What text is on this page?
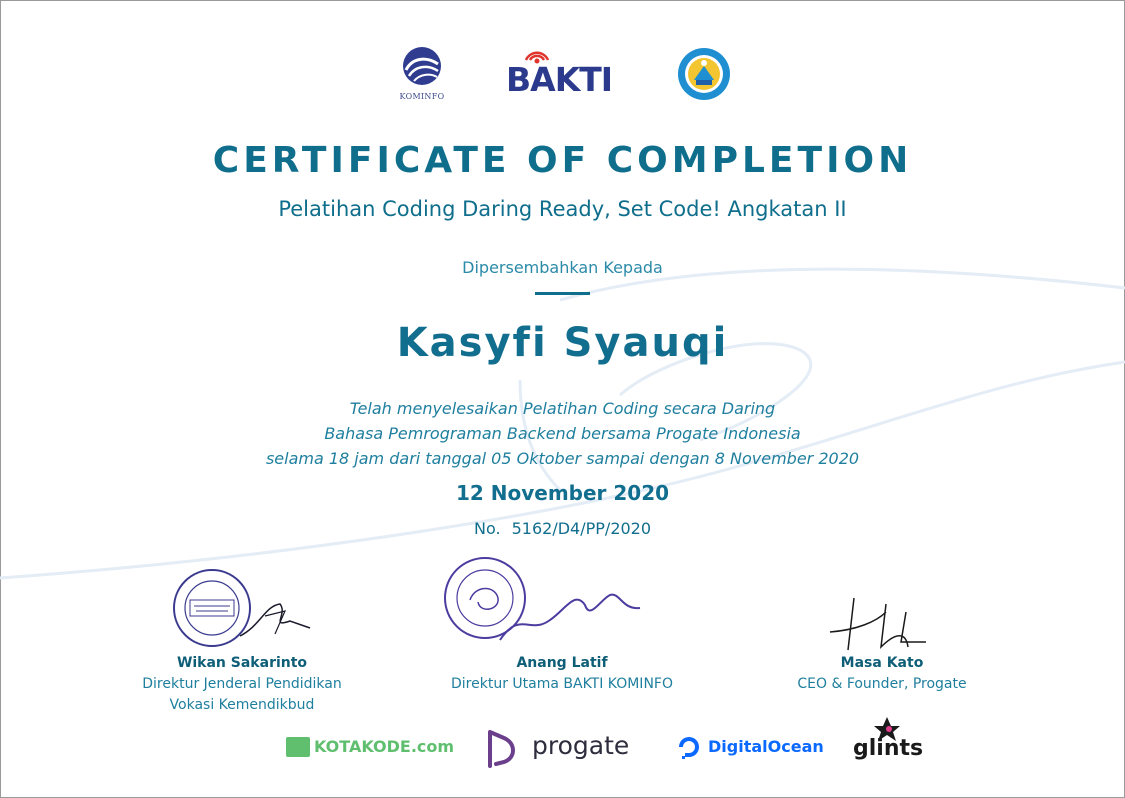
KOMINFO BAKTI
CERTIFICATE OF COMPLETION
Pelatihan Coding Daring Ready, Set Code! Angkatan II
Dipersembahkan Kepada
Kasyfi Syauqi
Telah menyelesaikan Pelatihan Coding secara Daring
Bahasa Pemrograman Backend bersama Progate Indonesia
selama 18 jam dari tanggal 05 Oktober sampai dengan 8 November 2020
12 November 2020
No. 5162/D4/PP/2020
Wikan Sakarinto
Direktur Jenderal Pendidikan
Vokasi Kemendikbud
Anang Latif
Direktur Utama BAKTI KOMINFO
Masa Kato
CEO & Founder, Progate
KOTAKODE.com	progate	DigitalOcean glints
